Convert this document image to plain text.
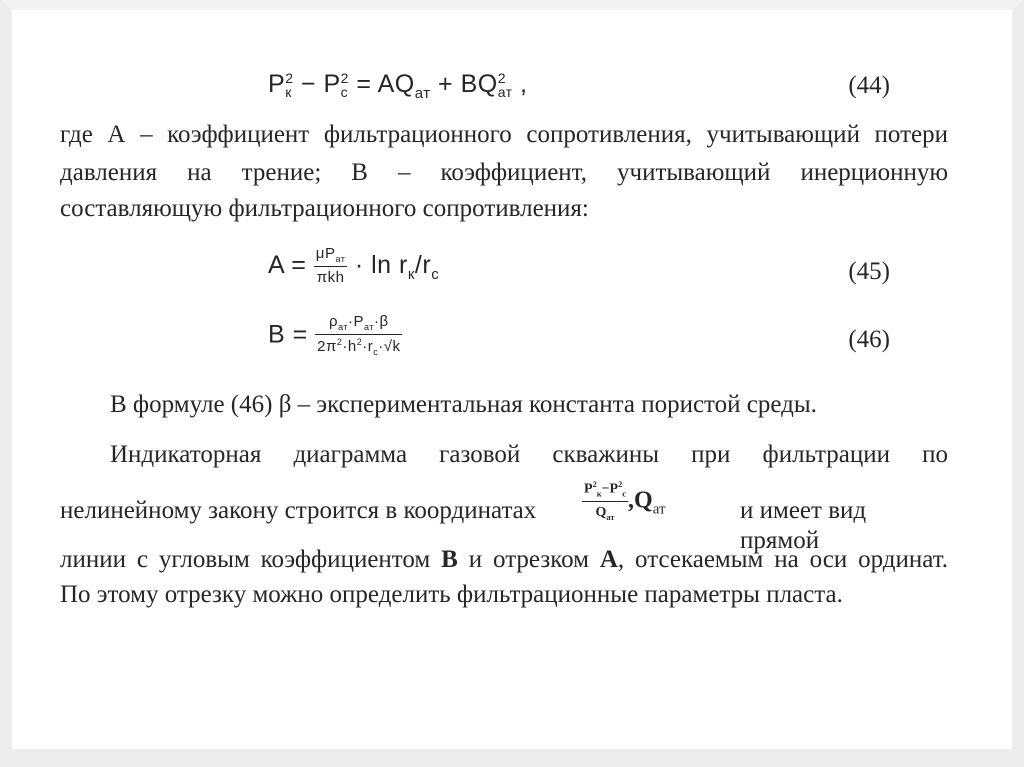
P 2
к − P 2
$с = AQ_{ат}$ + BQ 2
ат ,	(44)
где А – коэффициент фильтрационного сопротивления, учитывающий потери
давления на трение; В – коэффициент, учитывающий инерционную
составляющую фильтрационного сопротивления:
$A = \frac{\mu P_{ат}}{\text{πkh}} \cdot \ln r_к/r_с$	(45)
$B = \frac{\rho_{ат}\cdot P_{ат}\cdot\beta}{2\pi^2\cdot h^2\cdot r_с\cdot√k}$	(46)
В формуле (46) β – экспериментальная константа пористой среды.
Индикаторная диаграмма газовой скважины при фильтрации по
нелинейному закону строится в координатах	$\frac{P^2_к-P^2_с}{Q_{ат}} ,Q_{ат}$	и имеет вид прямой
линии с угловым коэффициентом В и отрезком А, отсекаемым на оси ординат.
По этому отрезку можно определить фильтрационные параметры пласта.
